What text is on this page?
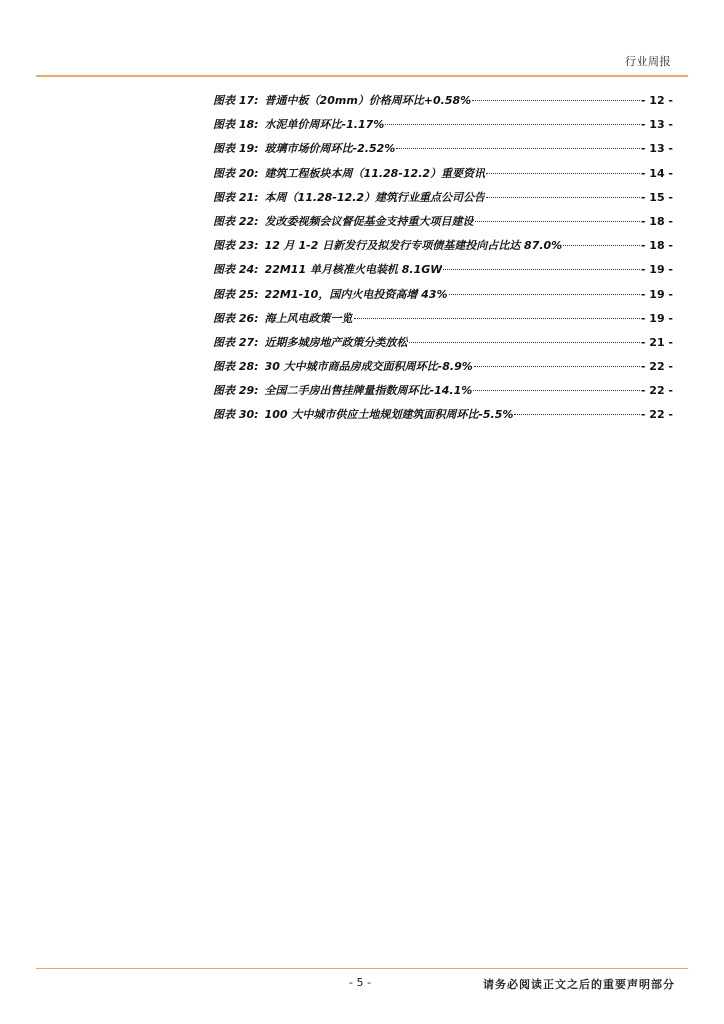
行业周报
图表 17: 普通中板（20mm）价格周环比+0.58%	- 12 -
图表 18: 水泥单价周环比-1.17%	- 13 -
图表 19: 玻璃市场价周环比-2.52%	- 13 -
图表 20: 建筑工程板块本周（11.28-12.2）重要资讯	- 14 -
图表 21: 本周（11.28-12.2）建筑行业重点公司公告	- 15 -
图表 22: 发改委视频会议督促基金支持重大项目建设	- 18 -
图表 23: 12 月 1-2 日新发行及拟发行专项债基建投向占比达 87.0%	- 18 -
图表 24: 22M11 单月核准火电装机 8.1GW	- 19 -
图表 25: 22M1-10，国内火电投资高增 43%	- 19 -
图表 26: 海上风电政策一览	- 19 -
图表 27: 近期多城房地产政策分类放松	- 21 -
图表 28: 30 大中城市商品房成交面积周环比-8.9%	- 22 -
图表 29: 全国二手房出售挂牌量指数周环比-14.1%	- 22 -
图表 30: 100 大中城市供应土地规划建筑面积周环比-5.5%	- 22 -
- 5 -	请务必阅读正文之后的重要声明部分
